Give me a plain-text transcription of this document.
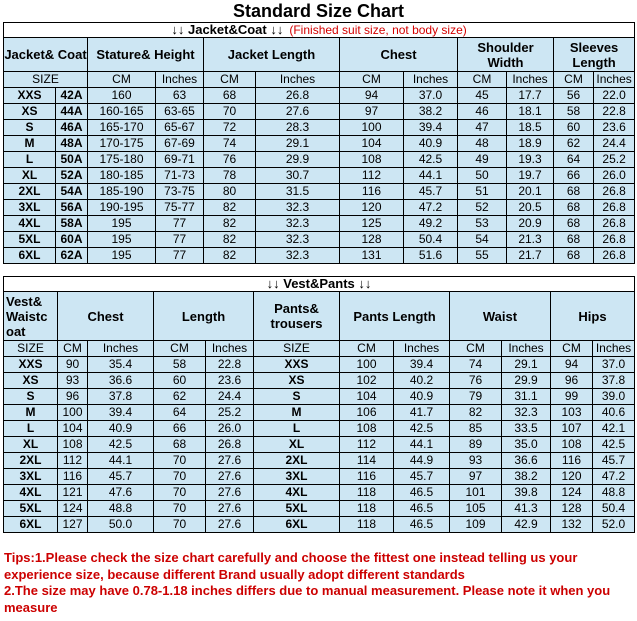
Standard Size Chart
↓↓ Jacket&Coat ↓↓ (Finished suit size, not body size)											
Jacket& Coat		Stature& Height		Jacket Length		Chest		Shoulder Width		Sleeves Length	
SIZE		CM	Inches	CM	Inches	CM	Inches	CM	Inches	CM	Inches
XXS	42A	160	63	68	26.8	94	37.0	45	17.7	56	22.0
XS	44A	160-165	63-65	70	27.6	97	38.2	46	18.1	58	22.8
S	46A	165-170	65-67	72	28.3	100	39.4	47	18.5	60	23.6
M	48A	170-175	67-69	74	29.1	104	40.9	48	18.9	62	24.4
L	50A	175-180	69-71	76	29.9	108	42.5	49	19.3	64	25.2
XL	52A	180-185	71-73	78	30.7	112	44.1	50	19.7	66	26.0
2XL	54A	185-190	73-75	80	31.5	116	45.7	51	20.1	68	26.8
3XL	56A	190-195	75-77	82	32.3	120	47.2	52	20.5	68	26.8
4XL	58A	195	77	82	32.3	125	49.2	53	20.9	68	26.8
5XL	60A	195	77	82	32.3	128	50.4	54	21.3	68	26.8
6XL	62A	195	77	82	32.3	131	51.6	55	21.7	68	26.8
↓↓ Vest&Pants ↓↓											
Vest& Waistc oat	Chest		Length		Pants& trousers	Pants Length		Waist		Hips	
SIZE	CM	Inches	CM	Inches	SIZE	CM	Inches	CM	Inches	CM	Inches
XXS	90	35.4	58	22.8	XXS	100	39.4	74	29.1	94	37.0
XS	93	36.6	60	23.6	XS	102	40.2	76	29.9	96	37.8
S	96	37.8	62	24.4	S	104	40.9	79	31.1	99	39.0
M	100	39.4	64	25.2	M	106	41.7	82	32.3	103	40.6
L	104	40.9	66	26.0	L	108	42.5	85	33.5	107	42.1
XL	108	42.5	68	26.8	XL	112	44.1	89	35.0	108	42.5
2XL	112	44.1	70	27.6	2XL	114	44.9	93	36.6	116	45.7
3XL	116	45.7	70	27.6	3XL	116	45.7	97	38.2	120	47.2
4XL	121	47.6	70	27.6	4XL	118	46.5	101	39.8	124	48.8
5XL	124	48.8	70	27.6	5XL	118	46.5	105	41.3	128	50.4
6XL	127	50.0	70	27.6	6XL	118	46.5	109	42.9	132	52.0
Tips:1.Please check the size chart carefully and choose the fittest one instead telling us your experience size, because different Brand usually adopt different standards
2.The size may have 0.78-1.18 inches differs due to manual measurement. Please note it when you measure
